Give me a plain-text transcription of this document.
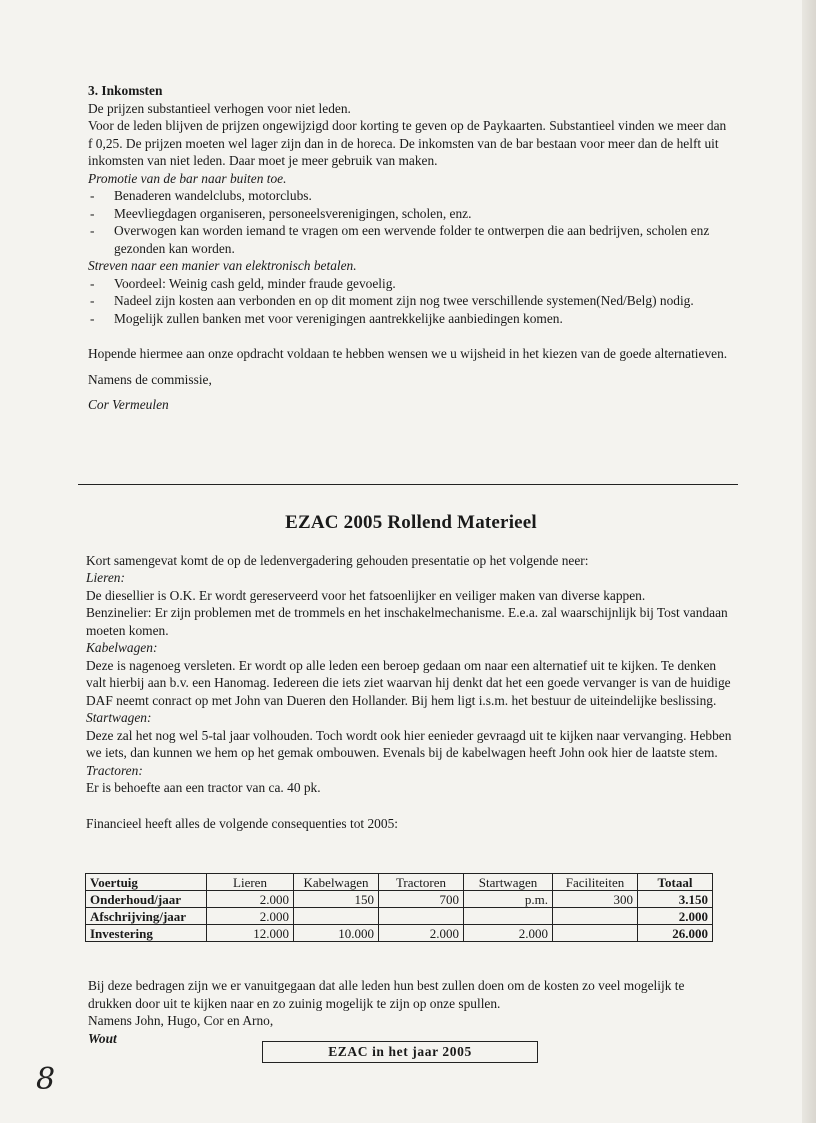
3. Inkomsten

De prijzen substantieel verhogen voor niet leden.

Voor de leden blijven de prijzen ongewijzigd door korting te geven op de Paykaarten. Substantieel vinden we meer dan f 0,25. De prijzen moeten wel lager zijn dan in de horeca. De inkomsten van de bar bestaan voor meer dan de helft uit inkomsten van niet leden. Daar moet je meer gebruik van maken.

Promotie van de bar naar buiten toe.

- Benaderen wandelclubs, motorclubs.
- Meevliegdagen organiseren, personeelsverenigingen, scholen, enz.
- Overwogen kan worden iemand te vragen om een wervende folder te ontwerpen die aan bedrijven, scholen enz gezonden kan worden.

Streven naar een manier van elektronisch betalen.

- Voordeel: Weinig cash geld, minder fraude gevoelig.
- Nadeel zijn kosten aan verbonden en op dit moment zijn nog twee verschillende systemen(Ned/Belg) nodig.
- Mogelijk zullen banken met voor verenigingen aantrekkelijke aanbiedingen komen.

Hopende hiermee aan onze opdracht voldaan te hebben wensen we u wijsheid in het kiezen van de goede alternatieven.

Namens de commissie,

Cor Vermeulen

EZAC 2005 Rollend Materieel

Kort samengevat komt de op de ledenvergadering gehouden presentatie op het volgende neer:

Lieren:

De diesellier is O.K. Er wordt gereserveerd voor het fatsoenlijker en veiliger maken van diverse kappen.

Benzinelier: Er zijn problemen met de trommels en het inschakelmechanisme. E.e.a. zal waarschijnlijk bij Tost vandaan moeten komen.

Kabelwagen:

Deze is nagenoeg versleten. Er wordt op alle leden een beroep gedaan om naar een alternatief uit te kijken. Te denken valt hierbij aan b.v. een Hanomag. Iedereen die iets ziet waarvan hij denkt dat het een goede vervanger is van de huidige DAF neemt conract op met John van Dueren den Hollander. Bij hem ligt i.s.m. het bestuur de uiteindelijke beslissing.

Startwagen:

Deze zal het nog wel 5-tal jaar volhouden. Toch wordt ook hier eenieder gevraagd uit te kijken naar vervanging. Hebben we iets, dan kunnen we hem op het gemak ombouwen. Evenals bij de kabelwagen heeft John ook hier de laatste stem.

Tractoren:

Er is behoefte aan een tractor van ca. 40 pk.

Financieel heeft alles de volgende consequenties tot 2005:

Voertuig	Lieren	Kabelwagen	Tractoren	Startwagen	Faciliteiten	Totaal
Onderhoud/jaar	2.000	150	700	p.m.	300	3.150
Afschrijving/jaar	2.000					2.000
Investering	12.000	10.000	2.000	2.000		26.000

Bij deze bedragen zijn we er vanuitgegaan dat alle leden hun best zullen doen om de kosten zo veel mogelijk te drukken door uit te kijken naar en zo zuinig mogelijk te zijn op onze spullen.

Namens John, Hugo, Cor en Arno,

Wout

EZAC in het jaar 2005
8
